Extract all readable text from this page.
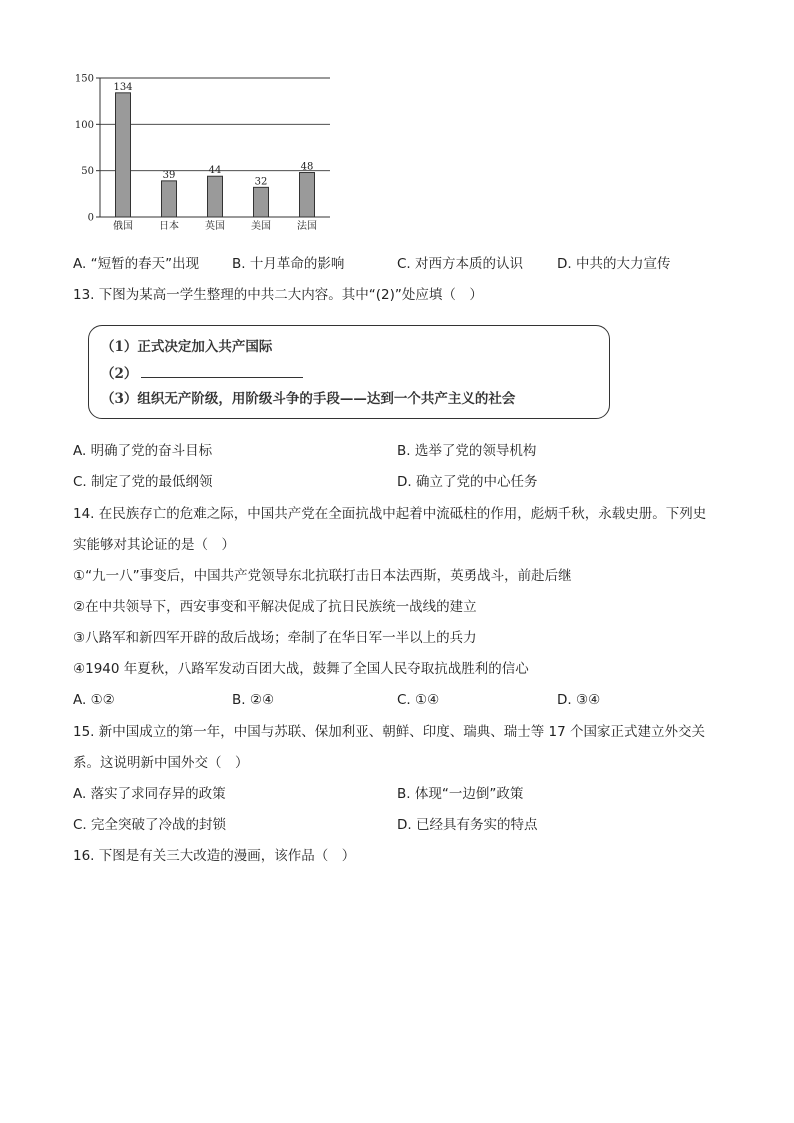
0
50
100
150
134
俄国
39
日本
44
英国
32
美国
48
法国
A. “短暂的春天”出现 B. 十月革命的影响	C. 对西方本质的认识	D. 中共的大力宣传
13. 下图为某高一学生整理的中共二大内容。其中“(2)”处应填（　）
（1）正式决定加入共产国际
（2）
（3）组织无产阶级，用阶级斗争的手段——达到一个共产主义的社会
A. 明确了党的奋斗目标	B. 选举了党的领导机构
C. 制定了党的最低纲领	D. 确立了党的中心任务
14. 在民族存亡的危难之际，中国共产党在全面抗战中起着中流砥柱的作用，彪炳千秋，永载史册。下列史
实能够对其论证的是（　）
①“九一八”事变后，中国共产党领导东北抗联打击日本法西斯，英勇战斗，前赴后继
②在中共领导下，西安事变和平解决促成了抗日民族统一战线的建立
③八路军和新四军开辟的敌后战场；牵制了在华日军一半以上的兵力
④1940 年夏秋，八路军发动百团大战，鼓舞了全国人民夺取抗战胜利的信心
A. ①②	B. ②④	C. ①④	D. ③④
15. 新中国成立的第一年，中国与苏联、保加利亚、朝鲜、印度、瑞典、瑞士等 17 个国家正式建立外交关
系。这说明新中国外交（　）
A. 落实了求同存异的政策	B. 体现“一边倒”政策
C. 完全突破了冷战的封锁	D. 已经具有务实的特点
16. 下图是有关三大改造的漫画，该作品（　）
